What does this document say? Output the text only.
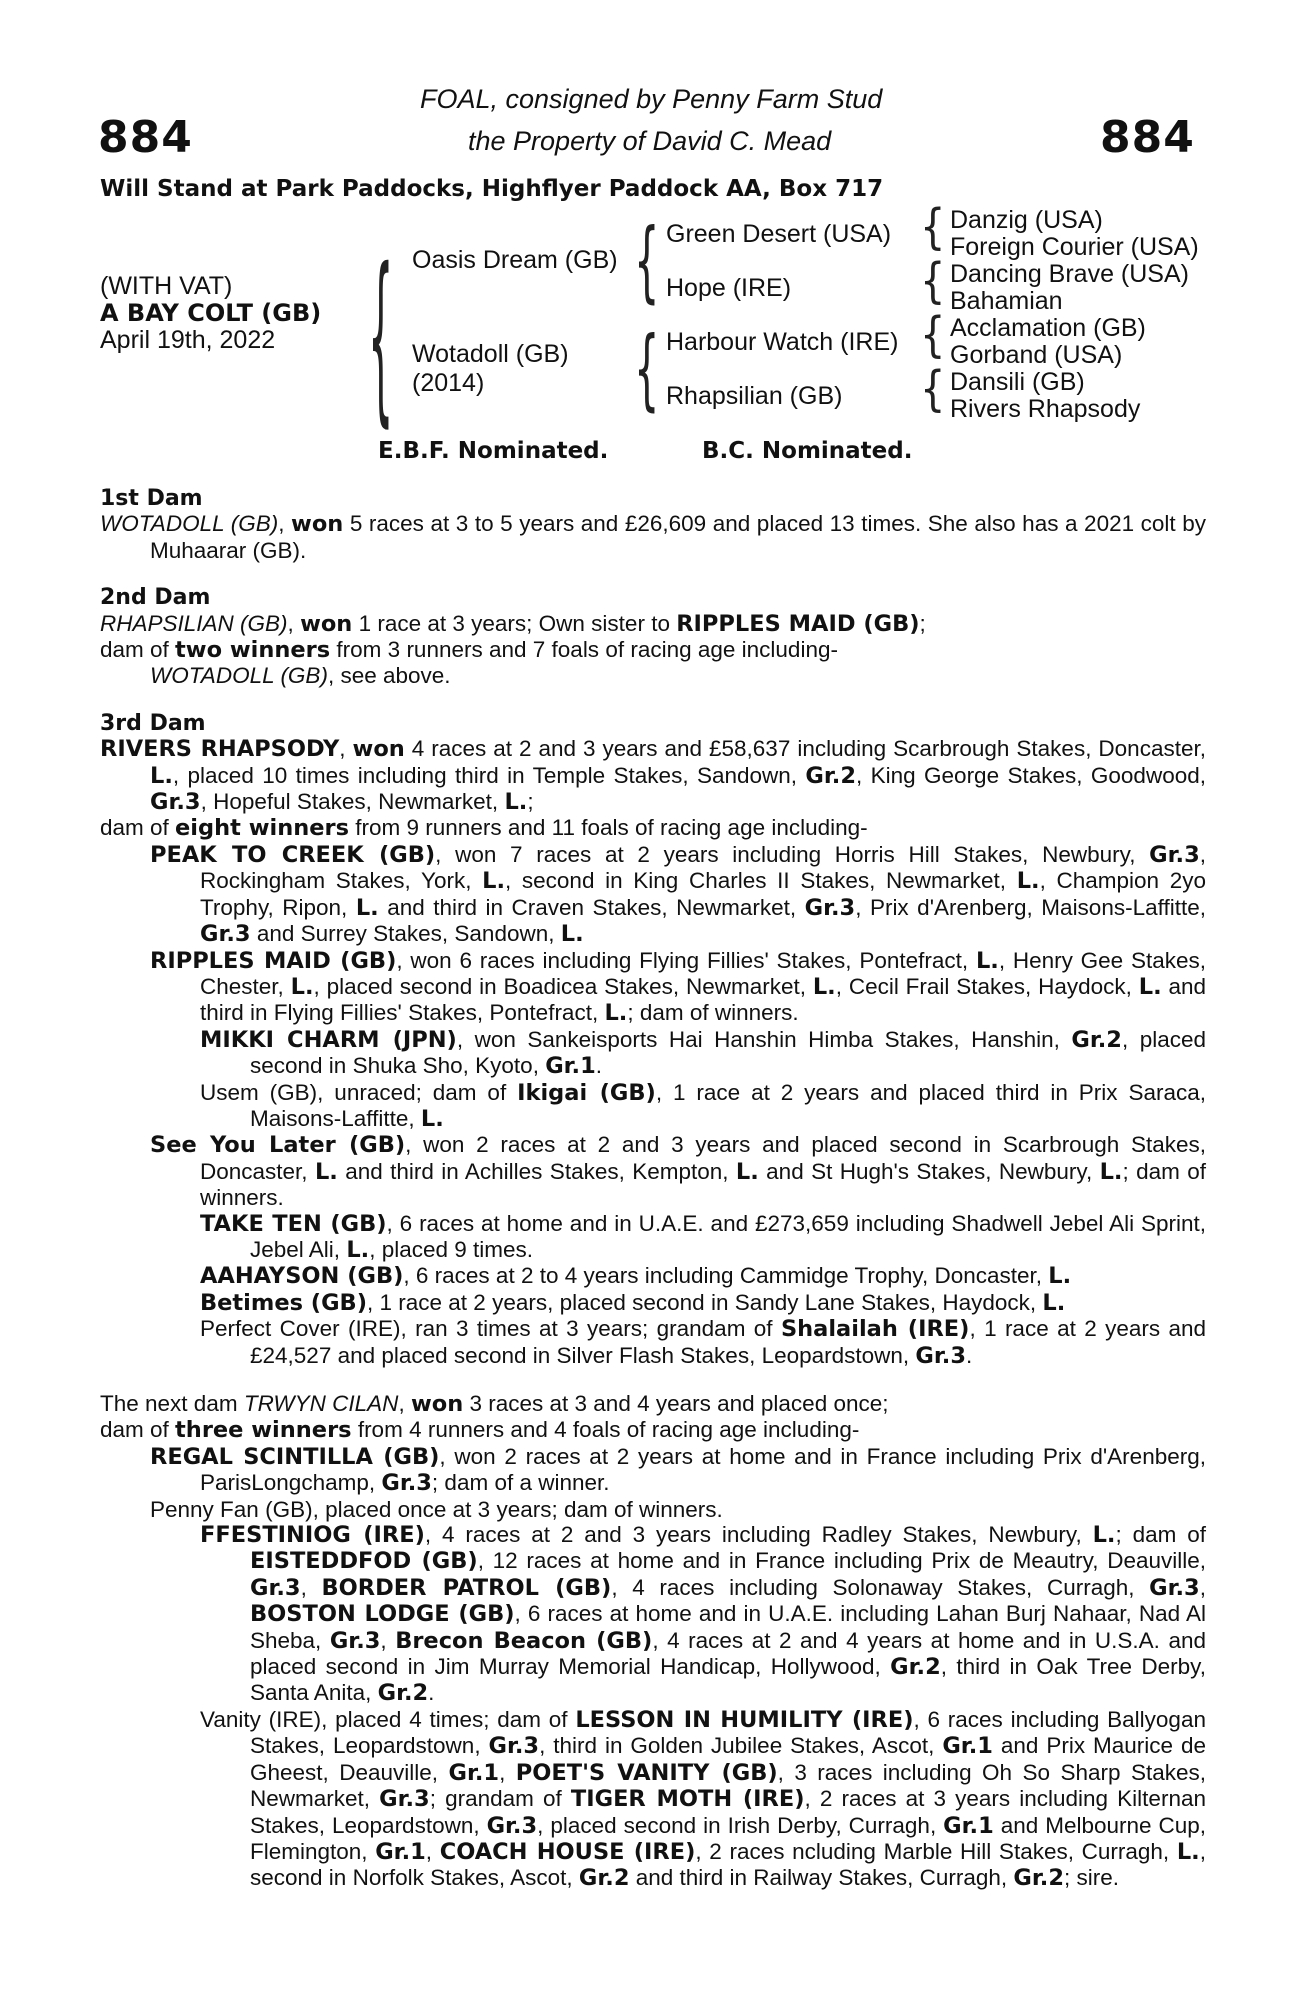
884	884
FOAL, consigned by Penny Farm Stud
the Property of David C. Mead
Will Stand at Park Paddocks, Highflyer Paddock AA, Box 717
(WITH VAT)
A BAY COLT (GB)
April 19th, 2022 {	{
{
{
{
{
{
Oasis Dream (GB)
Wotadoll (GB)
(2014)
Green Desert (USA)
Hope (IRE)
Harbour Watch (IRE)
Rhapsilian (GB)
Danzig (USA)
Foreign Courier (USA)
Dancing Brave (USA)
Bahamian
Acclamation (GB)
Gorband (USA)
Dansili (GB)
Rivers Rhapsody
E.B.F. Nominated.	B.C. Nominated.

1st Dam

WOTADOLL (GB), won 5 races at 3 to 5 years and £26,609 and placed 13 times. She also has a 2021 colt by Muhaarar (GB).

2nd Dam

RHAPSILIAN (GB), won 1 race at 3 years; Own sister to RIPPLES MAID (GB);

dam of two winners from 3 runners and 7 foals of racing age including-

WOTADOLL (GB), see above.

3rd Dam

RIVERS RHAPSODY, won 4 races at 2 and 3 years and £58,637 including Scarbrough Stakes, Doncaster, L., placed 10 times including third in Temple Stakes, Sandown, Gr.2, King George Stakes, Goodwood, Gr.3, Hopeful Stakes, Newmarket, L.;

dam of eight winners from 9 runners and 11 foals of racing age including-

PEAK TO CREEK (GB), won 7 races at 2 years including Horris Hill Stakes, Newbury, Gr.3, Rockingham Stakes, York, L., second in King Charles II Stakes, Newmarket, L., Champion 2yo Trophy, Ripon, L. and third in Craven Stakes, Newmarket, Gr.3, Prix d'Arenberg, Maisons-Laffitte, Gr.3 and Surrey Stakes, Sandown, L.

RIPPLES MAID (GB), won 6 races including Flying Fillies' Stakes, Pontefract, L., Henry Gee Stakes, Chester, L., placed second in Boadicea Stakes, Newmarket, L., Cecil Frail Stakes, Haydock, L. and third in Flying Fillies' Stakes, Pontefract, L.; dam of winners.

MIKKI CHARM (JPN), won Sankeisports Hai Hanshin Himba Stakes, Hanshin, Gr.2, placed second in Shuka Sho, Kyoto, Gr.1.

Usem (GB), unraced; dam of Ikigai (GB), 1 race at 2 years and placed third in Prix Saraca, Maisons-Laffitte, L.

See You Later (GB), won 2 races at 2 and 3 years and placed second in Scarbrough Stakes, Doncaster, L. and third in Achilles Stakes, Kempton, L. and St Hugh's Stakes, Newbury, L.; dam of winners.

TAKE TEN (GB), 6 races at home and in U.A.E. and £273,659 including Shadwell Jebel Ali Sprint, Jebel Ali, L., placed 9 times.

AAHAYSON (GB), 6 races at 2 to 4 years including Cammidge Trophy, Doncaster, L.

Betimes (GB), 1 race at 2 years, placed second in Sandy Lane Stakes, Haydock, L.

Perfect Cover (IRE), ran 3 times at 3 years; grandam of Shalailah (IRE), 1 race at 2 years and £24,527 and placed second in Silver Flash Stakes, Leopardstown, Gr.3.

The next dam TRWYN CILAN, won 3 races at 3 and 4 years and placed once;

dam of three winners from 4 runners and 4 foals of racing age including-

REGAL SCINTILLA (GB), won 2 races at 2 years at home and in France including Prix d'Arenberg, ParisLongchamp, Gr.3; dam of a winner.

Penny Fan (GB), placed once at 3 years; dam of winners.

FFESTINIOG (IRE), 4 races at 2 and 3 years including Radley Stakes, Newbury, L.; dam of EISTEDDFOD (GB), 12 races at home and in France including Prix de Meautry, Deauville, Gr.3, BORDER PATROL (GB), 4 races including Solonaway Stakes, Curragh, Gr.3, BOSTON LODGE (GB), 6 races at home and in U.A.E. including Lahan Burj Nahaar, Nad Al Sheba, Gr.3, Brecon Beacon (GB), 4 races at 2 and 4 years at home and in U.S.A. and placed second in Jim Murray Memorial Handicap, Hollywood, Gr.2, third in Oak Tree Derby, Santa Anita, Gr.2.

Vanity (IRE), placed 4 times; dam of LESSON IN HUMILITY (IRE), 6 races including Ballyogan Stakes, Leopardstown, Gr.3, third in Golden Jubilee Stakes, Ascot, Gr.1 and Prix Maurice de Gheest, Deauville, Gr.1, POET'S VANITY (GB), 3 races including Oh So Sharp Stakes, Newmarket, Gr.3; grandam of TIGER MOTH (IRE), 2 races at 3 years including Kilternan Stakes, Leopardstown, Gr.3, placed second in Irish Derby, Curragh, Gr.1 and Melbourne Cup, Flemington, Gr.1, COACH HOUSE (IRE), 2 races ncluding Marble Hill Stakes, Curragh, L., second in Norfolk Stakes, Ascot, Gr.2 and third in Railway Stakes, Curragh, Gr.2; sire.
